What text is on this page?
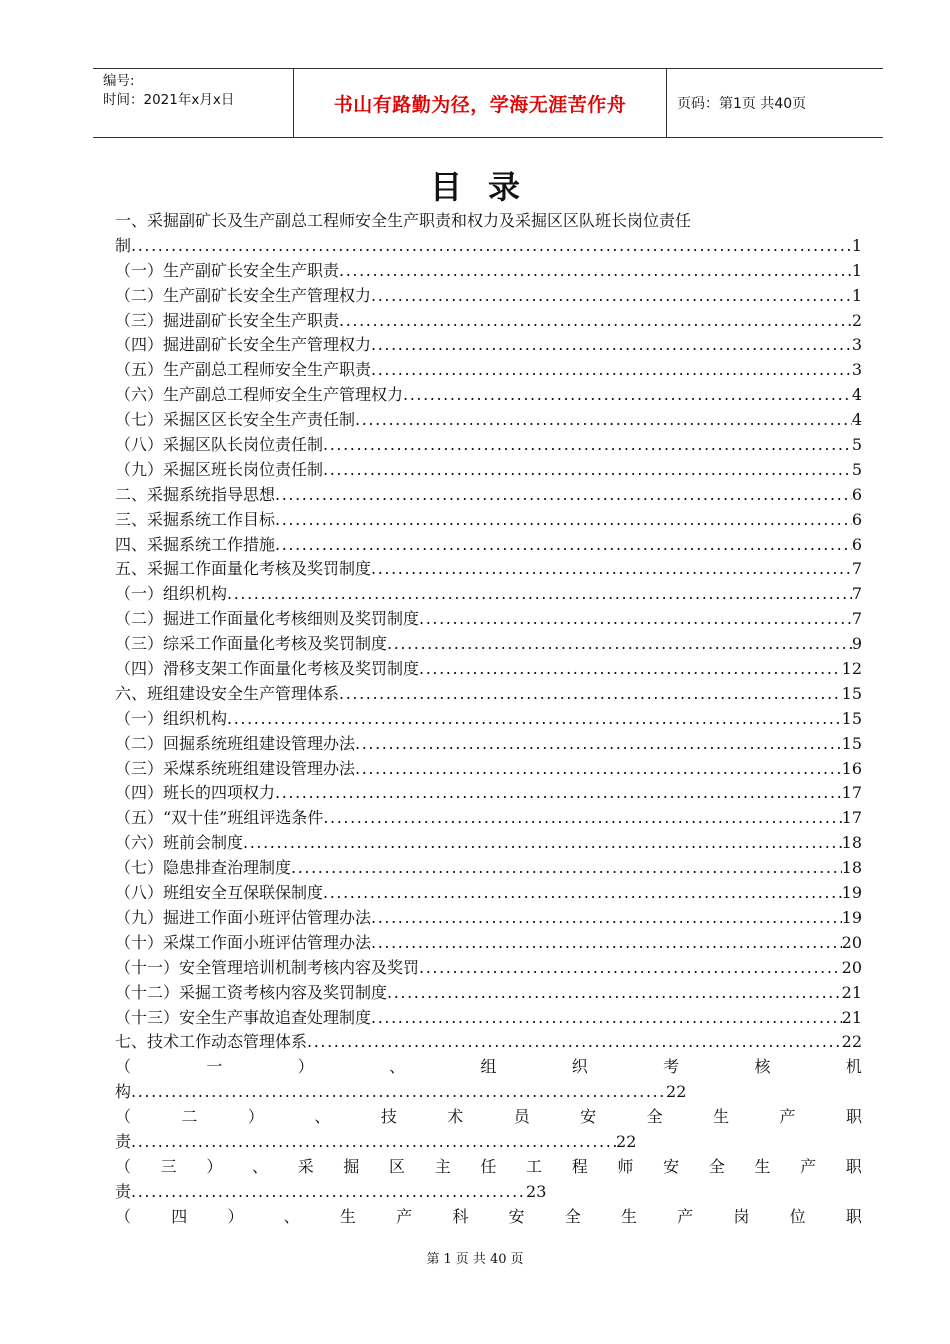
编号:
时间：2021年x月x日	书山有路勤为径，学海无涯苦作舟	页码：第1页 共40页
目录
一、采掘副矿长及生产副总工程师安全生产职责和权力及采掘区区队班长岗位责任
制 .....	1
（一）生产副矿长安全生产职责 .....	1
（二）生产副矿长安全生产管理权力 .....	1
（三）掘进副矿长安全生产职责 .....	2
（四）掘进副矿长安全生产管理权力 .....	3
（五）生产副总工程师安全生产职责 .....	3
（六）生产副总工程师安全生产管理权力 .....	4
（七）采掘区区长安全生产责任制 .....	4
（八）采掘区队长岗位责任制 .....	5
（九）采掘区班长岗位责任制 .....	5
二、采掘系统指导思想 .....	6
三、采掘系统工作目标 .....	6
四、采掘系统工作措施 .....	6
五、采掘工作面量化考核及奖罚制度 .....	7
（一）组织机构 .....	7
（二）掘进工作面量化考核细则及奖罚制度 .....	7
（三）综采工作面量化考核及奖罚制度 .....	9
（四）滑移支架工作面量化考核及奖罚制度 .....	12
六、班组建设安全生产管理体系 .....	15
（一）组织机构 .....	15
（二）回掘系统班组建设管理办法 .....	15
（三）采煤系统班组建设管理办法 .....	16
（四）班长的四项权力 .....	17
（五）“双十佳”班组评选条件 .....	17
（六）班前会制度 .....	18
（七）隐患排查治理制度 .....	18
（八）班组安全互保联保制度 .....	19
（九）掘进工作面小班评估管理办法 .....	19
（十）采煤工作面小班评估管理办法 .....	20
（十一）安全管理培训机制考核内容及奖罚 .....	20
（十二）采掘工资考核内容及奖罚制度 .....	21
（十三）安全生产事故追查处理制度 .....	21
七、技术工作动态管理体系 .....	22
（	一	）	、	组	织	考	核	机
构 .....	22
（	二	）	、	技	术	员	安	全	生	产	职
责 .....	22
（ 三 ） 、 采 掘 区 主 任 工 程 师 安 全 生 产 职
责 .....	23
（	四	）	、	生	产	科	安	全	生	产	岗	位	职
第 1 页 共 40 页
